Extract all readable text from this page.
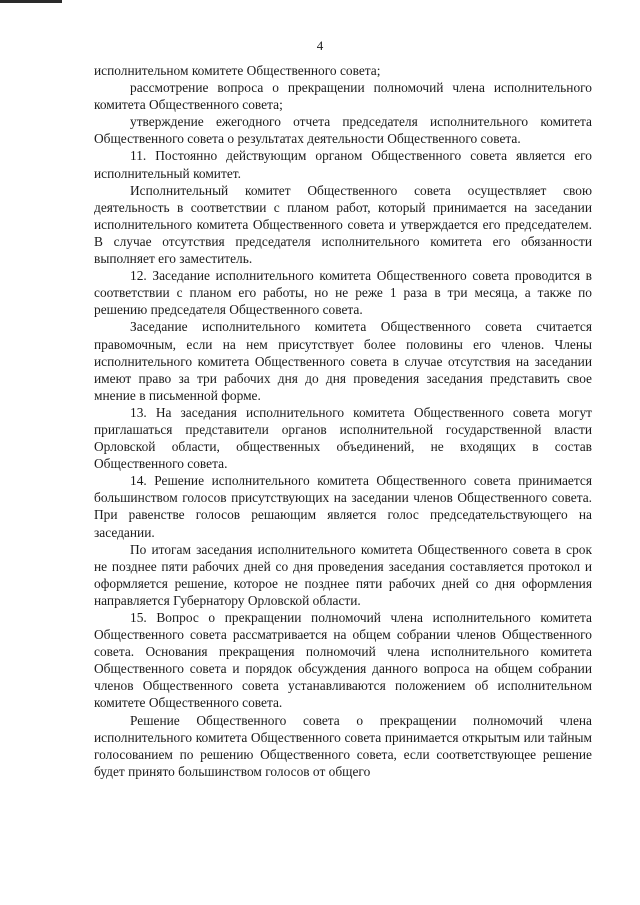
4

исполнительном комитете Общественного совета;

рассмотрение вопроса о прекращении полномочий члена исполнительного комитета Общественного совета;

утверждение ежегодного отчета председателя исполнительного комитета Общественного совета о результатах деятельности Общественного совета.

11. Постоянно действующим органом Общественного совета является его исполнительный комитет.

Исполнительный комитет Общественного совета осуществляет свою деятельность в соответствии с планом работ, который принимается на заседании исполнительного комитета Общественного совета и утверждается его председателем. В случае отсутствия председателя исполнительного комитета его обязанности выполняет его заместитель.

12. Заседание исполнительного комитета Общественного совета проводится в соответствии с планом его работы, но не реже 1 раза в три месяца, а также по решению председателя Общественного совета.

Заседание исполнительного комитета Общественного совета считается правомочным, если на нем присутствует более половины его членов. Члены исполнительного комитета Общественного совета в случае отсутствия на заседании имеют право за три рабочих дня до дня проведения заседания представить свое мнение в письменной форме.

13. На заседания исполнительного комитета Общественного совета могут приглашаться представители органов исполнительной государственной власти Орловской области, общественных объединений, не входящих в состав Общественного совета.

14. Решение исполнительного комитета Общественного совета принимается большинством голосов присутствующих на заседании членов Общественного совета. При равенстве голосов решающим является голос председательствующего на заседании.

По итогам заседания исполнительного комитета Общественного совета в срок не позднее пяти рабочих дней со дня проведения заседания составляется протокол и оформляется решение, которое не позднее пяти рабочих дней со дня оформления направляется Губернатору Орловской области.

15. Вопрос о прекращении полномочий члена исполнительного комитета Общественного совета рассматривается на общем собрании членов Общественного совета. Основания прекращения полномочий члена исполнительного комитета Общественного совета и порядок обсуждения данного вопроса на общем собрании членов Общественного совета устанавливаются положением об исполнительном комитете Общественного совета.

Решение Общественного совета о прекращении полномочий члена исполнительного комитета Общественного совета принимается открытым или тайным голосованием по решению Общественного совета, если соответствующее решение будет принято большинством голосов от общего
